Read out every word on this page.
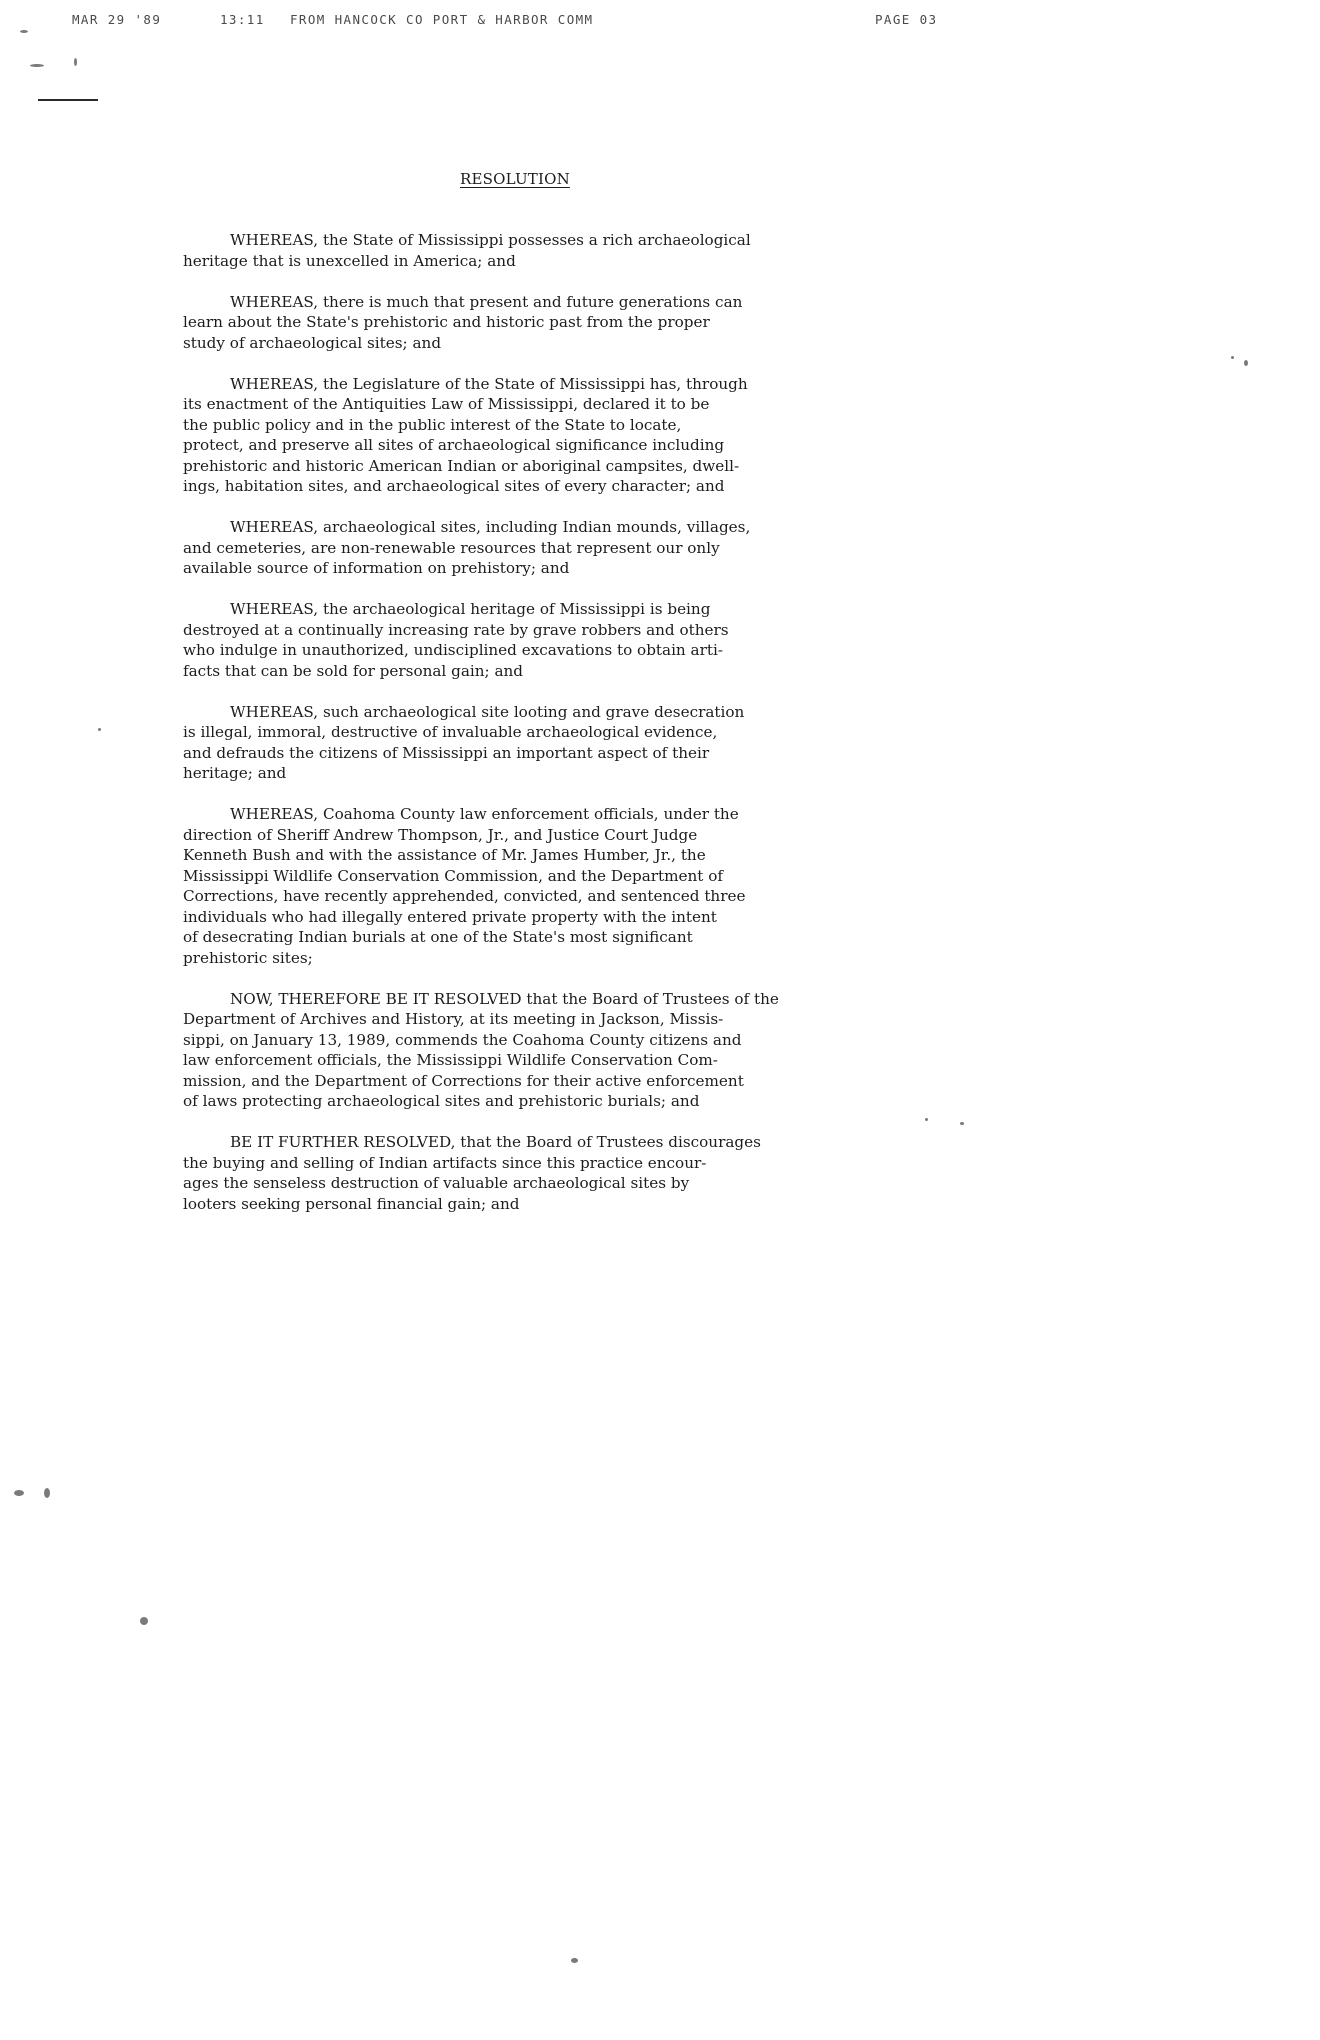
MAR 29 '89	13:11 FROM HANCOCK CO PORT & HARBOR COMM	PAGE 03
RESOLUTION

WHEREAS, the State of Mississippi possesses a rich archaeological
heritage that is unexcelled in America; and

WHEREAS, there is much that present and future generations can
learn about the State's prehistoric and historic past from the proper
study of archaeological sites; and

WHEREAS, the Legislature of the State of Mississippi has, through
its enactment of the Antiquities Law of Mississippi, declared it to be
the public policy and in the public interest of the State to locate,
protect, and preserve all sites of archaeological significance including
prehistoric and historic American Indian or aboriginal campsites, dwell-
ings, habitation sites, and archaeological sites of every character; and

WHEREAS, archaeological sites, including Indian mounds, villages,
and cemeteries, are non-renewable resources that represent our only
available source of information on prehistory; and

WHEREAS, the archaeological heritage of Mississippi is being
destroyed at a continually increasing rate by grave robbers and others
who indulge in unauthorized, undisciplined excavations to obtain arti-
facts that can be sold for personal gain; and

WHEREAS, such archaeological site looting and grave desecration
is illegal, immoral, destructive of invaluable archaeological evidence,
and defrauds the citizens of Mississippi an important aspect of their
heritage; and

WHEREAS, Coahoma County law enforcement officials, under the
direction of Sheriff Andrew Thompson, Jr., and Justice Court Judge
Kenneth Bush and with the assistance of Mr. James Humber, Jr., the
Mississippi Wildlife Conservation Commission, and the Department of
Corrections, have recently apprehended, convicted, and sentenced three
individuals who had illegally entered private property with the intent
of desecrating Indian burials at one of the State's most significant
prehistoric sites;

NOW, THEREFORE BE IT RESOLVED that the Board of Trustees of the
Department of Archives and History, at its meeting in Jackson, Missis-
sippi, on January 13, 1989, commends the Coahoma County citizens and
law enforcement officials, the Mississippi Wildlife Conservation Com-
mission, and the Department of Corrections for their active enforcement
of laws protecting archaeological sites and prehistoric burials; and

BE IT FURTHER RESOLVED, that the Board of Trustees discourages
the buying and selling of Indian artifacts since this practice encour-
ages the senseless destruction of valuable archaeological sites by
looters seeking personal financial gain; and
